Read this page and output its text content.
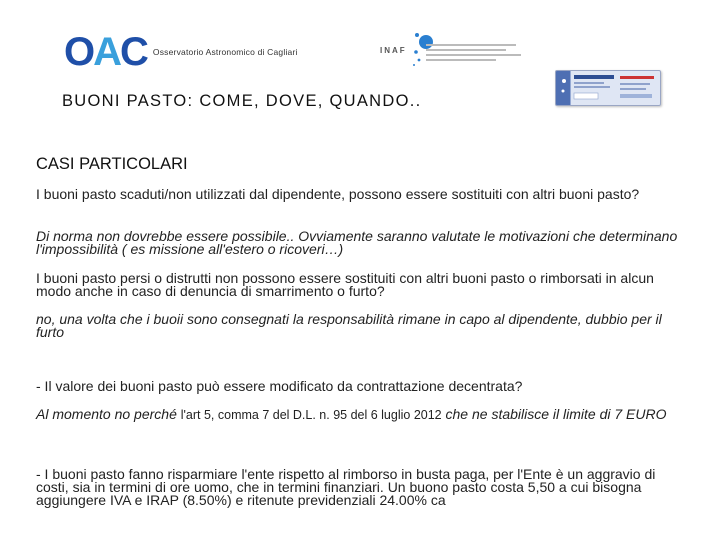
OAC Osservatorio Astronomico di Cagliari	INAF
BUONI PASTO: COME, DOVE, QUANDO..

CASI PARTICOLARI

I buoni pasto scaduti/non utilizzati dal dipendente, possono essere sostituiti con altri buoni pasto?

Di norma non dovrebbe essere possibile.. Ovviamente saranno valutate le motivazioni che determinano l'impossibilità ( es missione all'estero o ricoveri…)

I buoni pasto persi o distrutti non possono essere sostituiti con altri buoni pasto o rimborsati in alcun modo anche in caso di denuncia di smarrimento o furto?

no, una volta che i buoii sono consegnati la responsabilità rimane in capo al dipendente, dubbio per il furto

- Il valore dei buoni pasto può essere modificato da contrattazione decentrata?

Al momento no perché l'art 5, comma 7 del D.L. n. 95 del 6 luglio 2012 che ne stabilisce il limite di 7 EURO

- I buoni pasto fanno risparmiare l'ente rispetto al rimborso in busta paga, per l'Ente è un aggravio di costi, sia in termini di ore uomo, che in termini finanziari. Un buono pasto costa 5,50 a cui bisogna aggiungere IVA e IRAP (8.50%) e ritenute previdenziali 24.00% ca
